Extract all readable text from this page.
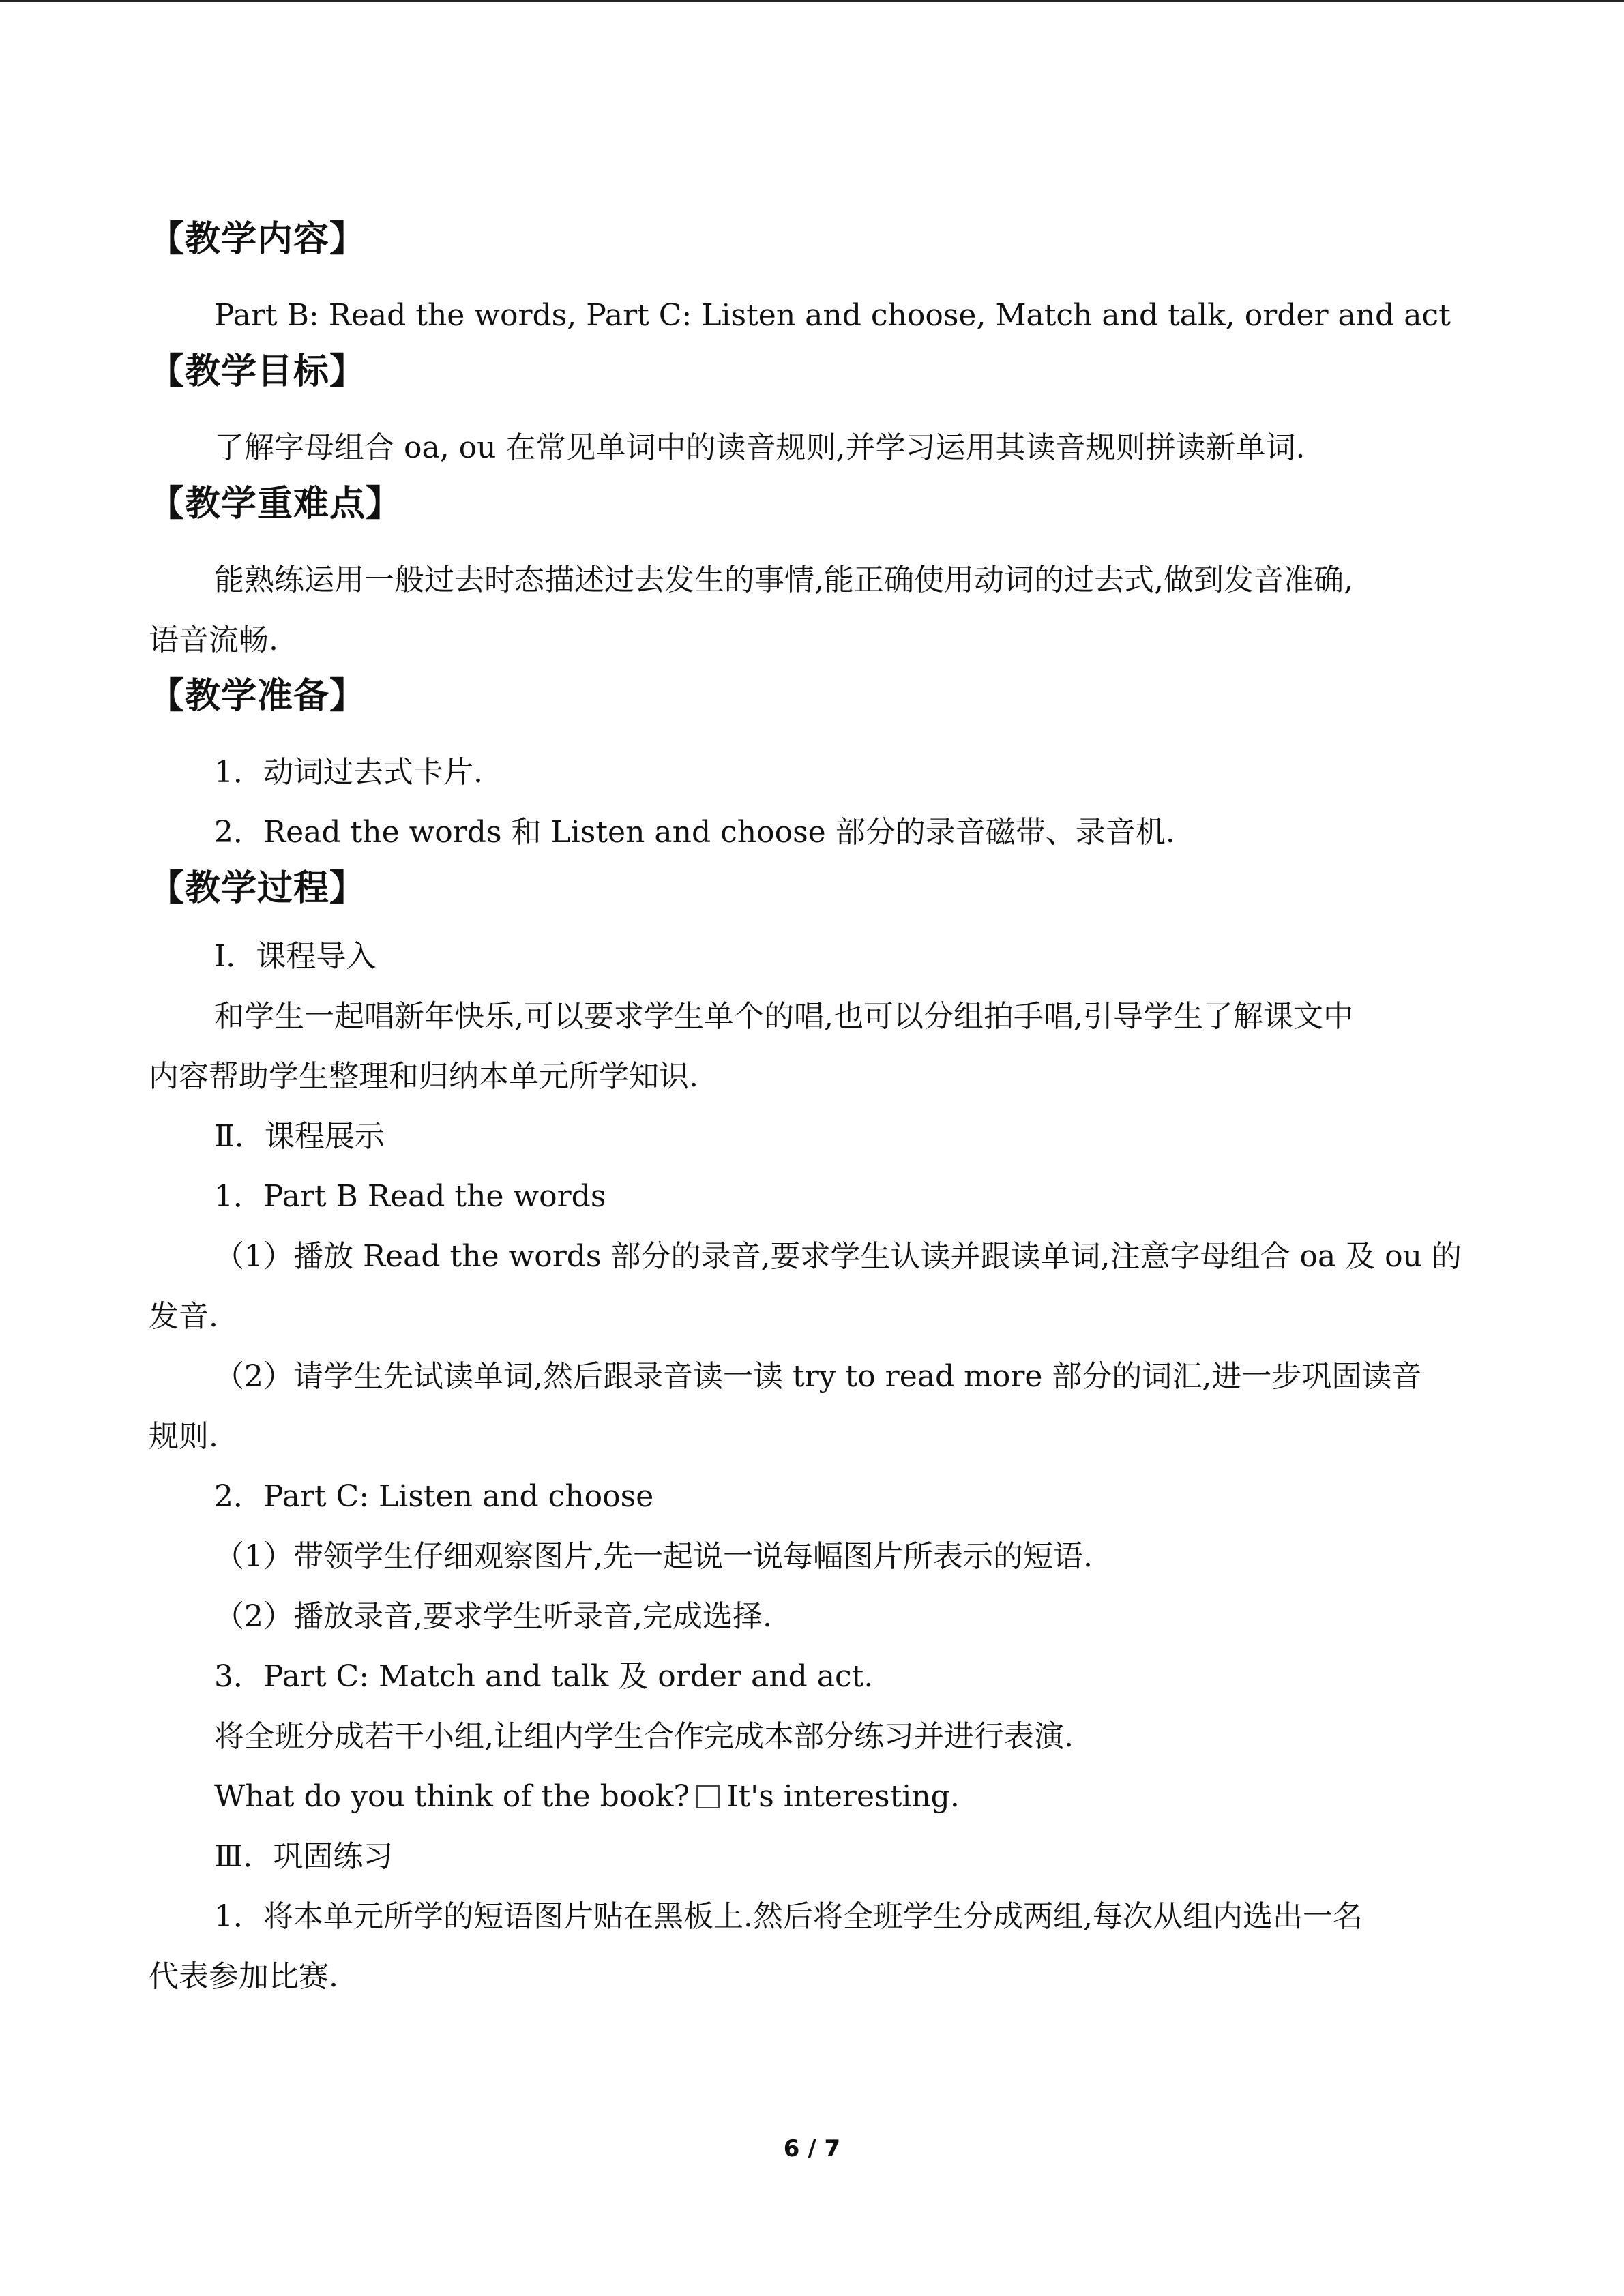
【教学内容】

Part B: Read the words, Part C: Listen and choose, Match and talk, order and act

【教学目标】

了解字母组合 oa, ou 在常见单词中的读音规则,并学习运用其读音规则拼读新单词.

【教学重难点】

能熟练运用一般过去时态描述过去发生的事情,能正确使用动词的过去式,做到发音准确,

语音流畅.

【教学准备】

1．动词过去式卡片.

2．Read the words 和 Listen and choose 部分的录音磁带、录音机.

【教学过程】

Ⅰ．课程导入

和学生一起唱新年快乐,可以要求学生单个的唱,也可以分组拍手唱,引导学生了解课文中

内容帮助学生整理和归纳本单元所学知识.

Ⅱ．课程展示

1．Part B Read the words

（1）播放 Read the words 部分的录音,要求学生认读并跟读单词,注意字母组合 oa 及 ou 的

发音.

（2）请学生先试读单词,然后跟录音读一读 try to read more 部分的词汇,进一步巩固读音

规则.

2．Part C: Listen and choose

（1）带领学生仔细观察图片,先一起说一说每幅图片所表示的短语.

（2）播放录音,要求学生听录音,完成选择.

3．Part C: Match and talk 及 order and act.

将全班分成若干小组,让组内学生合作完成本部分练习并进行表演.

What do you think of the book? It's interesting.

Ⅲ．巩固练习

1．将本单元所学的短语图片贴在黑板上.然后将全班学生分成两组,每次从组内选出一名

代表参加比赛.

6 / 7
